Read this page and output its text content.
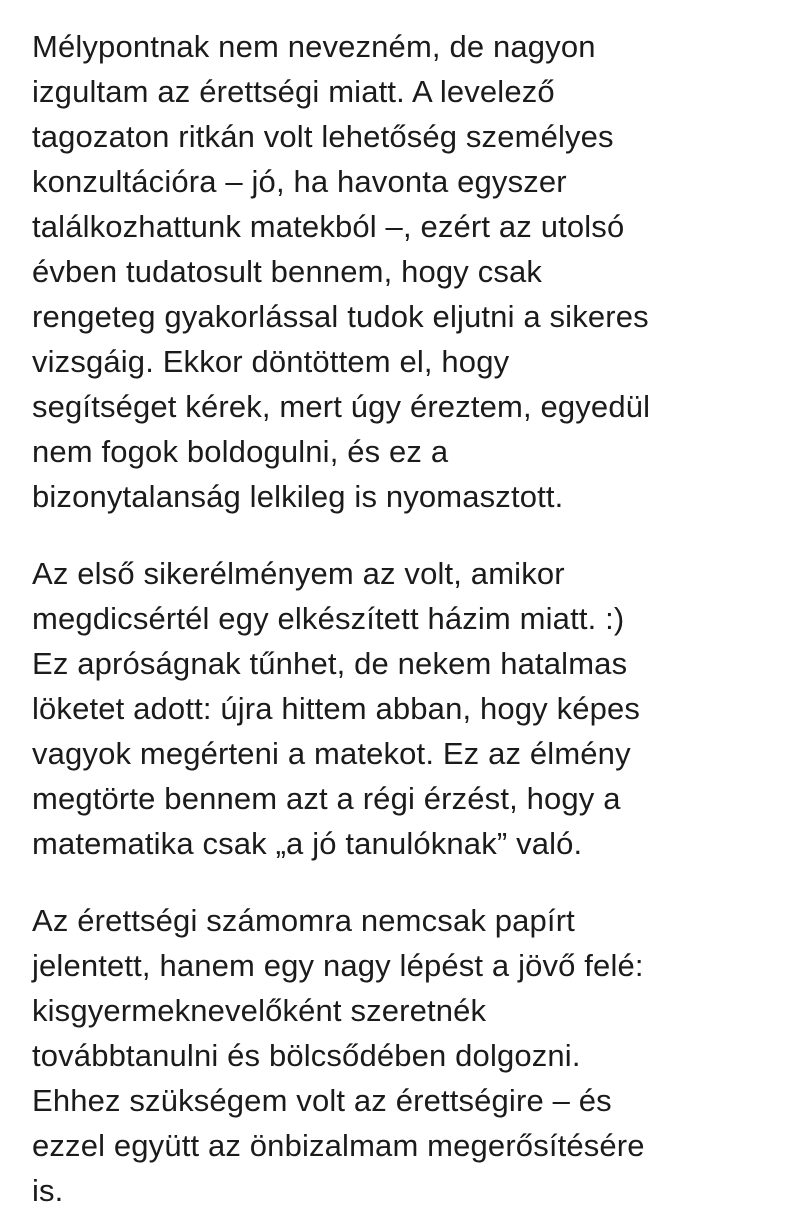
Mélypontnak nem nevezném, de nagyon
izgultam az érettségi miatt. A levelező
tagozaton ritkán volt lehetőség személyes
konzultációra – jó, ha havonta egyszer
találkozhattunk matekból –, ezért az utolsó
évben tudatosult bennem, hogy csak
rengeteg gyakorlással tudok eljutni a sikeres
vizsgáig. Ekkor döntöttem el, hogy
segítséget kérek, mert úgy éreztem, egyedül
nem fogok boldogulni, és ez a
bizonytalanság lelkileg is nyomasztott.

Az első sikerélményem az volt, amikor
megdicsértél egy elkészített házim miatt. :)
Ez apróságnak tűnhet, de nekem hatalmas
löketet adott: újra hittem abban, hogy képes
vagyok megérteni a matekot. Ez az élmény
megtörte bennem azt a régi érzést, hogy a
matematika csak „a jó tanulóknak” való.

Az érettségi számomra nemcsak papírt
jelentett, hanem egy nagy lépést a jövő felé:
kisgyermeknevelőként szeretnék
továbbtanulni és bölcsődében dolgozni.
Ehhez szükségem volt az érettségire – és
ezzel együtt az önbizalmam megerősítésére
is.
